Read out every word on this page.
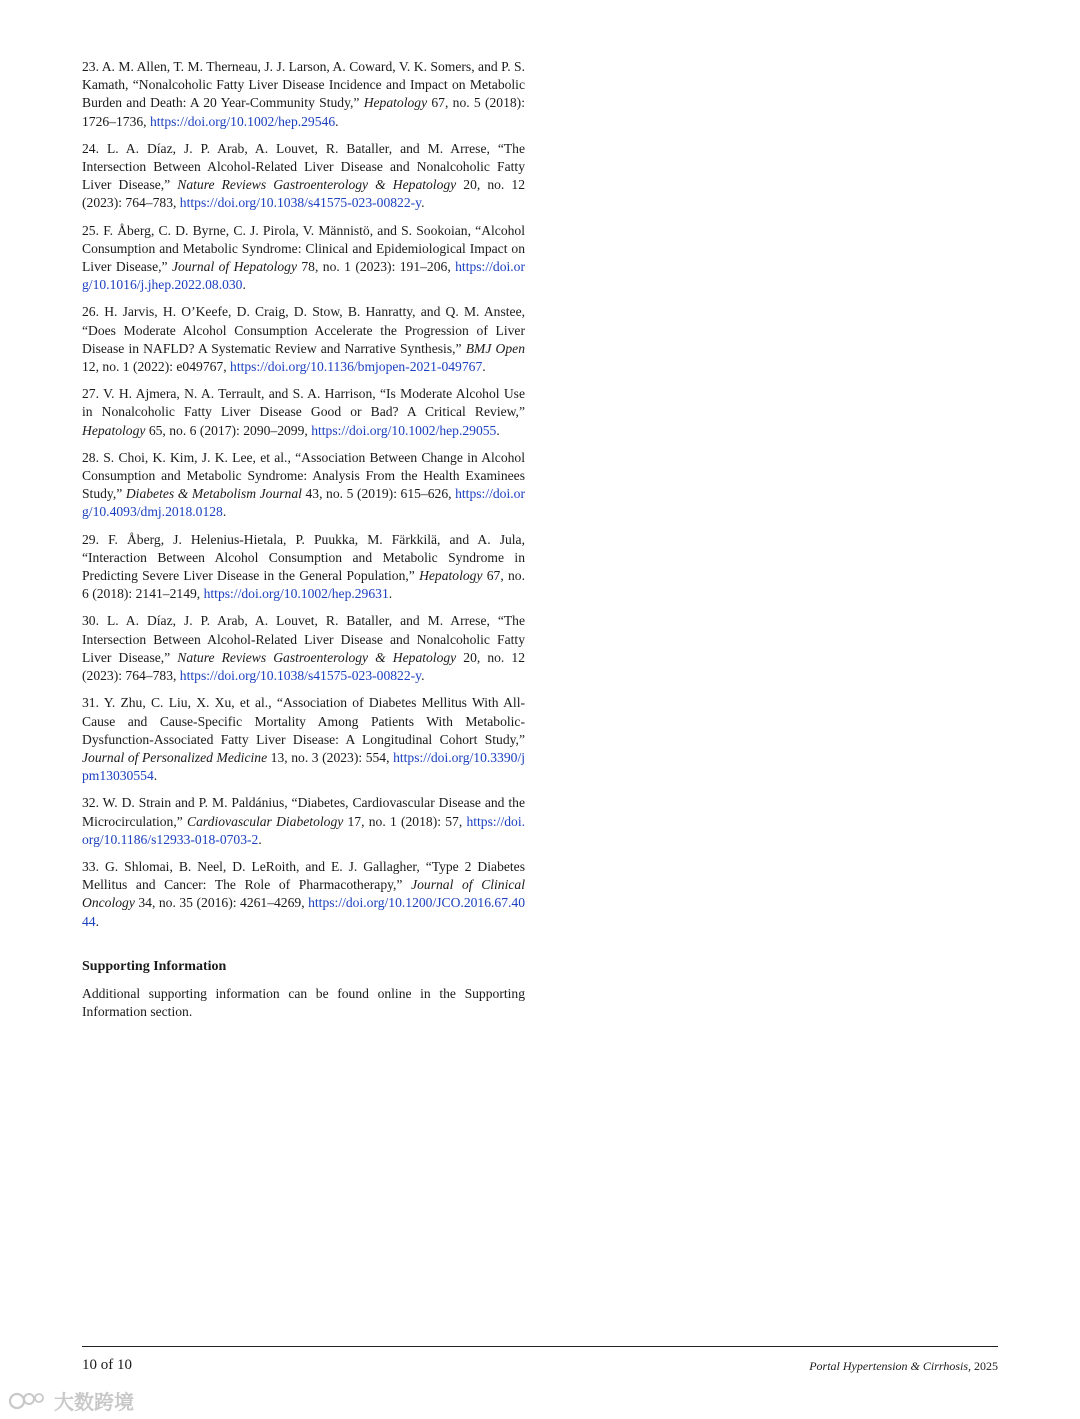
23. A. M. Allen, T. M. Therneau, J. J. Larson, A. Coward, V. K. Somers, and P. S. Kamath, “Nonalcoholic Fatty Liver Disease Incidence and Impact on Metabolic Burden and Death: A 20 Year-Community Study,” Hepatology 67, no. 5 (2018): 1726–1736, https://doi.org/10.1002/hep.29546.

24. L. A. Díaz, J. P. Arab, A. Louvet, R. Bataller, and M. Arrese, “The Intersection Between Alcohol-Related Liver Disease and Nonalcoholic Fatty Liver Disease,” Nature Reviews Gastroenterology & Hepatology 20, no. 12 (2023): 764–783, https://doi.org/10.1038/s41575-023-00822-y.

25. F. Åberg, C. D. Byrne, C. J. Pirola, V. Männistö, and S. Sookoian, “Alcohol Consumption and Metabolic Syndrome: Clinical and Epidemiological Impact on Liver Disease,” Journal of Hepatology 78, no. 1 (2023): 191–206, https://doi.org/10.1016/j.jhep.2022.08.030.

26. H. Jarvis, H. O’Keefe, D. Craig, D. Stow, B. Hanratty, and Q. M. Anstee, “Does Moderate Alcohol Consumption Accelerate the Progression of Liver Disease in NAFLD? A Systematic Review and Narrative Synthesis,” BMJ Open 12, no. 1 (2022): e049767, https://doi.org/10.1136/bmjopen-2021-049767.

27. V. H. Ajmera, N. A. Terrault, and S. A. Harrison, “Is Moderate Alcohol Use in Nonalcoholic Fatty Liver Disease Good or Bad? A Critical Review,” Hepatology 65, no. 6 (2017): 2090–2099, https://doi.org/10.1002/hep.29055.

28. S. Choi, K. Kim, J. K. Lee, et al., “Association Between Change in Alcohol Consumption and Metabolic Syndrome: Analysis From the Health Examinees Study,” Diabetes & Metabolism Journal 43, no. 5 (2019): 615–626, https://doi.org/10.4093/dmj.2018.0128.

29. F. Åberg, J. Helenius-Hietala, P. Puukka, M. Färkkilä, and A. Jula, “Interaction Between Alcohol Consumption and Metabolic Syndrome in Predicting Severe Liver Disease in the General Population,” Hepatology 67, no. 6 (2018): 2141–2149, https://doi.org/10.1002/hep.29631.

30. L. A. Díaz, J. P. Arab, A. Louvet, R. Bataller, and M. Arrese, “The Intersection Between Alcohol-Related Liver Disease and Nonalcoholic Fatty Liver Disease,” Nature Reviews Gastroenterology & Hepatology 20, no. 12 (2023): 764–783, https://doi.org/10.1038/s41575-023-00822-y.

31. Y. Zhu, C. Liu, X. Xu, et al., “Association of Diabetes Mellitus With All-Cause and Cause-Specific Mortality Among Patients With Metabolic-Dysfunction-Associated Fatty Liver Disease: A Longitudinal Cohort Study,” Journal of Personalized Medicine 13, no. 3 (2023): 554, https://doi.org/10.3390/jpm13030554.

32. W. D. Strain and P. M. Paldánius, “Diabetes, Cardiovascular Disease and the Microcirculation,” Cardiovascular Diabetology 17, no. 1 (2018): 57, https://doi.org/10.1186/s12933-018-0703-2.

33. G. Shlomai, B. Neel, D. LeRoith, and E. J. Gallagher, “Type 2 Diabetes Mellitus and Cancer: The Role of Pharmacotherapy,” Journal of Clinical Oncology 34, no. 35 (2016): 4261–4269, https://doi.org/10.1200/JCO.2016.67.4044.

Supporting Information

Additional supporting information can be found online in the Supporting Information section.

10 of 10	Portal Hypertension & Cirrhosis, 2025
大数跨境
